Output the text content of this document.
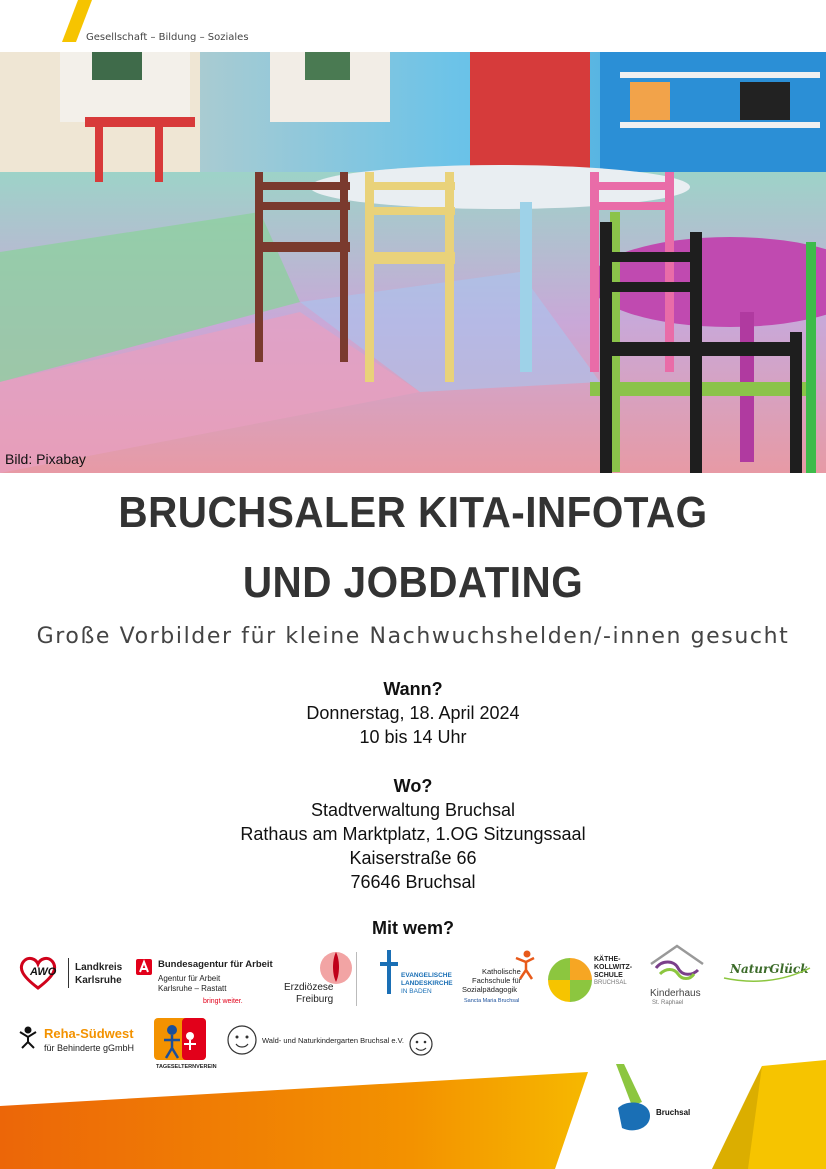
Gesellschaft – Bildung – Soziales
Bild: Pixabay
BRUCHSALER KITA-INFOTAG
UND JOBDATING
Große Vorbilder für kleine Nachwuchshelden/-innen gesucht
Wann?
Donnerstag, 18. April 2024
10 bis 14 Uhr
Wo?
Stadtverwaltung Bruchsal
Rathaus am Marktplatz, 1.OG Sitzungssaal
Kaiserstraße 66
76646 Bruchsal
Mit wem?
AWO Landkreis
Karlsruhe
Bundesagentur für Arbeit
Agentur für Arbeit
Karlsruhe – Rastatt
bringt weiter.
Erzdiözese
Freiburg
EVANGELISCHE
LANDESKIRCHE
IN BADEN
Katholische
Fachschule für
Sozialpädagogik
Sancta Maria Bruchsal
KÄTHE-
KOLLWITZ-
SCHULE
BRUCHSAL
Kinderhaus
St. Raphael
NaturGlück
Reha-Südwest
für Behinderte gGmbH
TAGESELTERNVEREIN
Wald- und Naturkindergarten Bruchsal e.V.
Bruchsal
